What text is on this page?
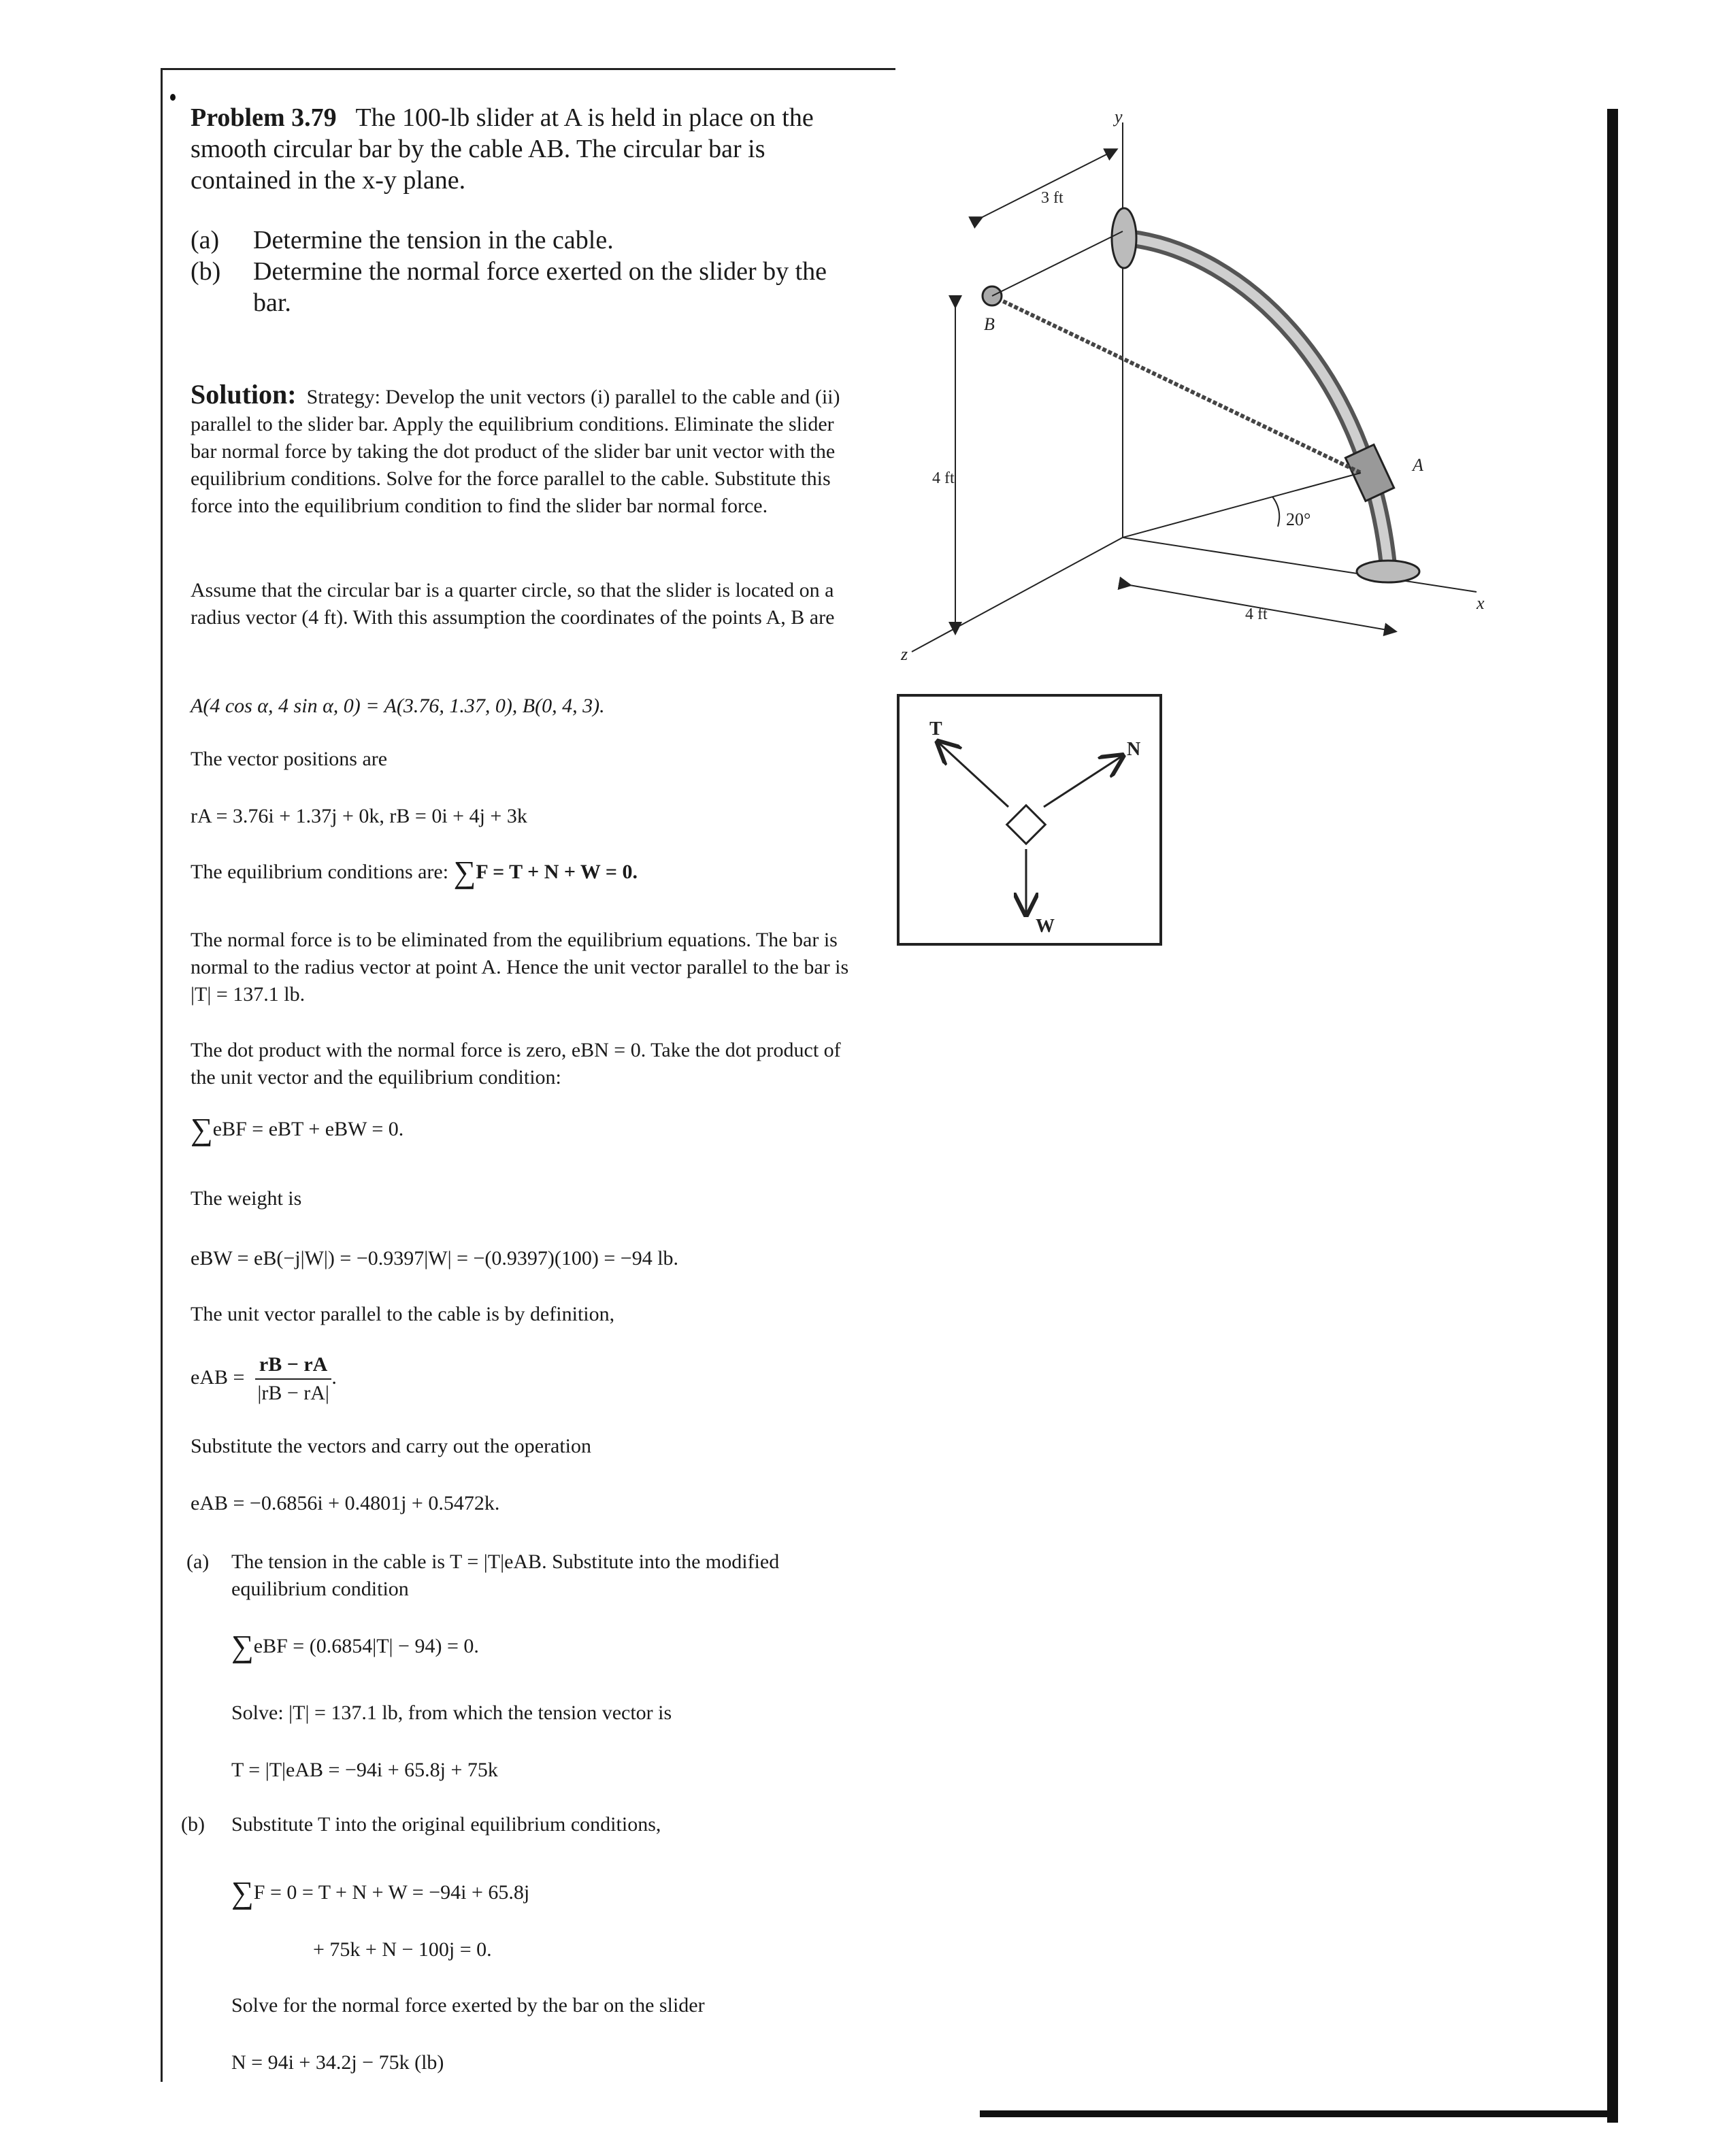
Problem 3.79 The 100-lb slider at A is held in place on the smooth circular bar by the cable AB. The circular bar is contained in the x-y plane.
(a)	Determine the tension in the cable.
(b)	Determine the normal force exerted on the slider by the bar.
Solution: Strategy: Develop the unit vectors (i) parallel to the cable and (ii) parallel to the slider bar. Apply the equilibrium conditions. Eliminate the slider bar normal force by taking the dot product of the slider bar unit vector with the equilibrium conditions. Solve for the force parallel to the cable. Substitute this force into the equilibrium condition to find the slider bar normal force.
Assume that the circular bar is a quarter circle, so that the slider is located on a radius vector (4 ft). With this assumption the coordinates of the points A, B are
A(4 cos α, 4 sin α, 0) = A(3.76, 1.37, 0), B(0, 4, 3).
The vector positions are
rA = 3.76i + 1.37j + 0k, rB = 0i + 4j + 3k
The equilibrium conditions are: ∑F = T + N + W = 0.
The normal force is to be eliminated from the equilibrium equations. The bar is normal to the radius vector at point A. Hence the unit vector parallel to the bar is |T| = 137.1 lb.
The dot product with the normal force is zero, eBN = 0. Take the dot product of the unit vector and the equilibrium condition:
∑eBF = eBT + eBW = 0.
The weight is
eBW = eB(−j|W|) = −0.9397|W| = −(0.9397)(100) = −94 lb.
The unit vector parallel to the cable is by definition,
eAB = $\frac{rB - rA}{|rB - rA|}$ .
Substitute the vectors and carry out the operation
eAB = −0.6856i + 0.4801j + 0.5472k.
(a)	The tension in the cable is T = |T|eAB. Substitute into the modified equilibrium condition
∑eBF = (0.6854|T| − 94) = 0.
Solve: |T| = 137.1 lb, from which the tension vector is
T = |T|eAB = −94i + 65.8j + 75k
(b)	Substitute T into the original equilibrium conditions,
∑F = 0 = T + N + W = −94i + 65.8j
+ 75k + N − 100j = 0.
Solve for the normal force exerted by the bar on the slider
N = 94i + 34.2j − 75k (lb)
y
x
z
A
B
3 ft
4 ft
4 ft
20°
T
N
W
